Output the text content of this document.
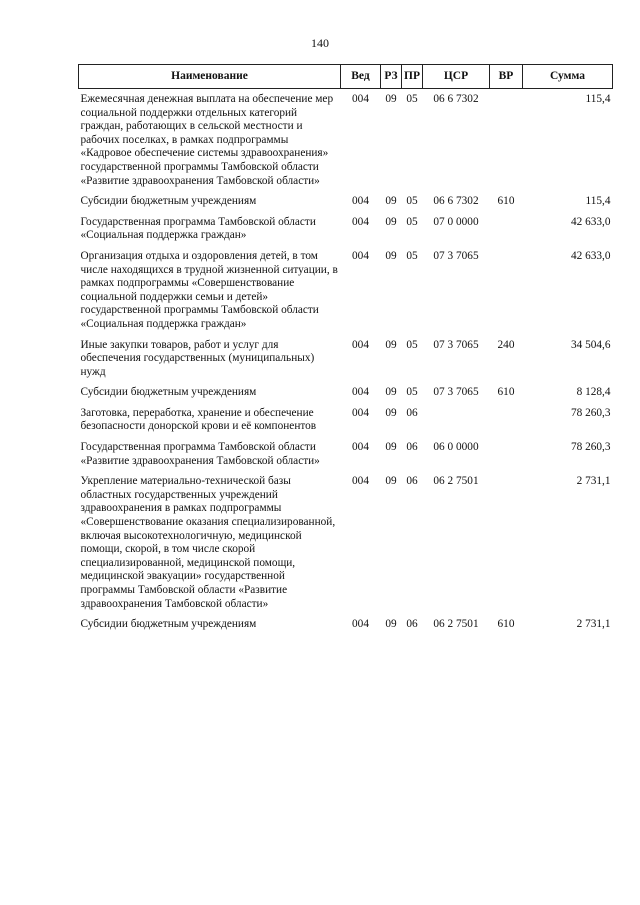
140
Наименование	Вед	РЗ	ПР	ЦСР	ВР	Сумма
Ежемесячная денежная выплата на обеспечение мер социальной поддержки отдельных категорий граждан, работающих в сельской местности и рабочих поселках, в рамках подпрограммы «Кадровое обеспечение системы здравоохранения» государственной программы Тамбовской области «Развитие здравоохранения Тамбовской области»	004	09	05	06 6 7302		115,4
Субсидии бюджетным учреждениям	004	09	05	06 6 7302	610	115,4
Государственная программа Тамбовской области «Социальная поддержка граждан»	004	09	05	07 0 0000		42 633,0
Организация отдыха и оздоровления детей, в том числе находящихся в трудной жизненной ситуации, в рамках подпрограммы «Совершенствование социальной поддержки семьи и детей» государственной программы Тамбовской области «Социальная поддержка граждан»	004	09	05	07 3 7065		42 633,0
Иные закупки товаров, работ и услуг для обеспечения государственных (муниципальных) нужд	004	09	05	07 3 7065	240	34 504,6
Субсидии бюджетным учреждениям	004	09	05	07 3 7065	610	8 128,4
Заготовка, переработка, хранение и обеспечение безопасности донорской крови и её компонентов	004	09	06			78 260,3
Государственная программа Тамбовской области «Развитие здравоохранения Тамбовской области»	004	09	06	06 0 0000		78 260,3
Укрепление материально-технической базы областных государственных учреждений здравоохранения в рамках подпрограммы «Совершенствование оказания специализированной, включая высокотехнологичную, медицинской помощи, скорой, в том числе скорой специализированной, медицинской помощи, медицинской эвакуации» государственной программы Тамбовской области «Развитие здравоохранения Тамбовской области»	004	09	06	06 2 7501		2 731,1
Субсидии бюджетным учреждениям	004	09	06	06 2 7501	610	2 731,1
